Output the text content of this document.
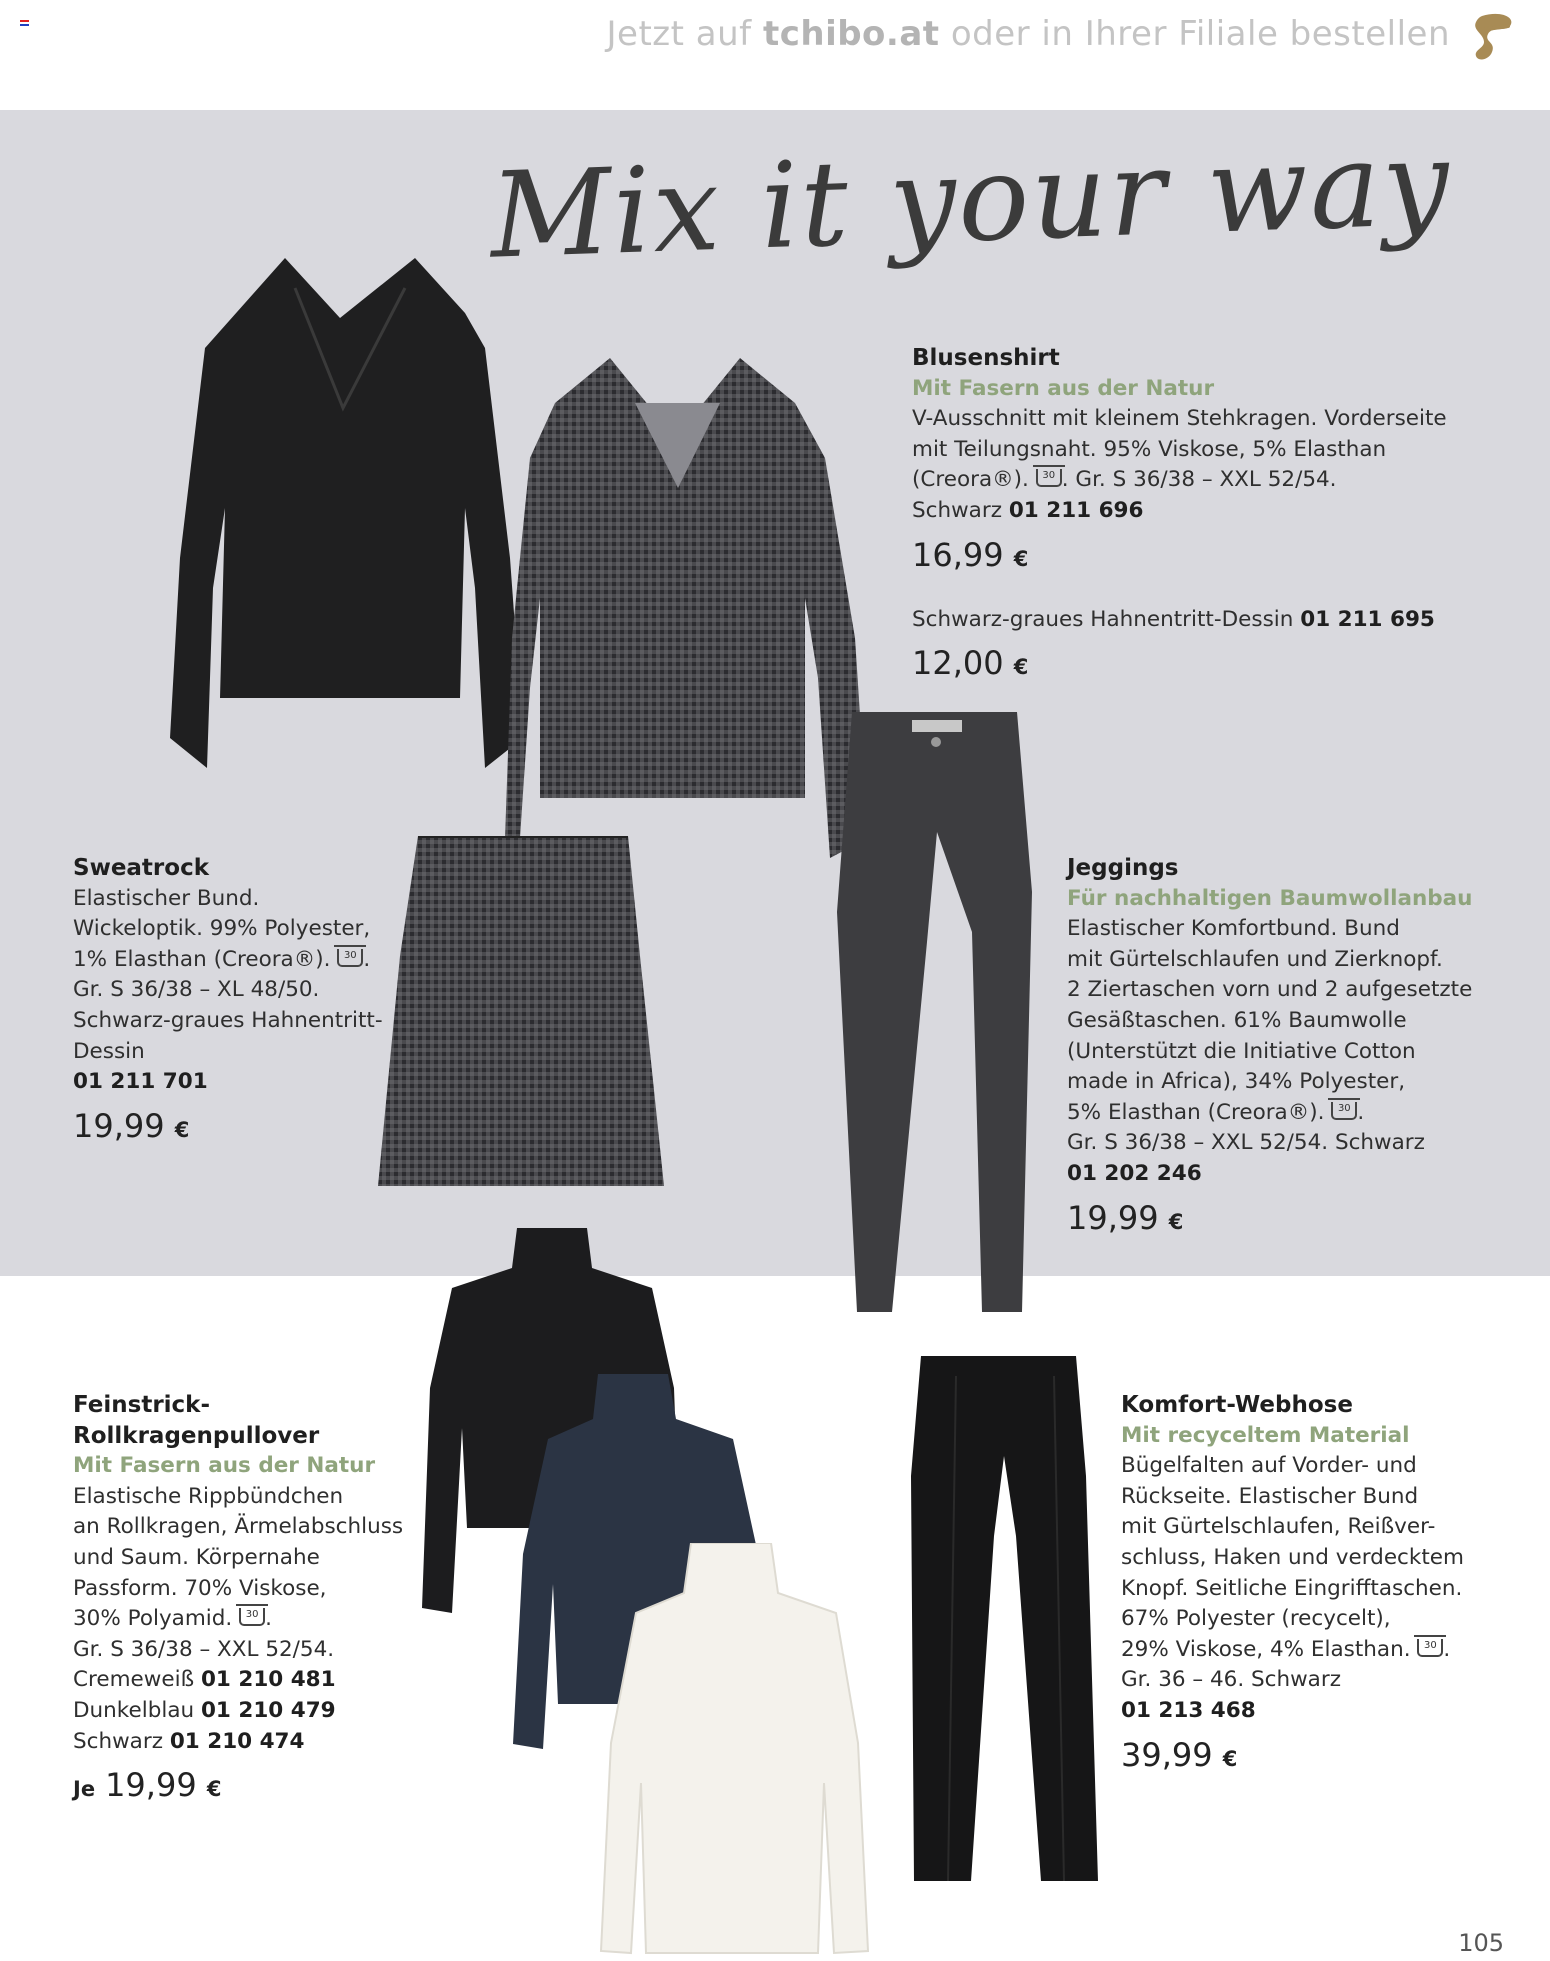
Jetzt auf tchibo.at oder in Ihrer Filiale bestellen
Mix it your way
Blusenshirt
Mit Fasern aus der Natur
V-Ausschnitt mit kleinem Stehkragen. Vorderseite
mit Teilungsnaht. 95% Viskose, 5% Elasthan
(Creora®). 30 . Gr. S 36/38 – XXL 52/54.
Schwarz 01 211 696
16,99 €
Schwarz-graues Hahnentritt-Dessin 01 211 695
12,00 €
Sweatrock
Elastischer Bund.
Wickeloptik. 99% Polyester,
1% Elasthan (Creora®). 30 .
Gr. S 36/38 – XL 48/50.
Schwarz-graues Hahnentritt-
Dessin
01 211 701
19,99 €
Jeggings
Für nachhaltigen Baumwollanbau
Elastischer Komfortbund. Bund
mit Gürtelschlaufen und Zierknopf.
2 Ziertaschen vorn und 2 aufgesetzte
Gesäßtaschen. 61% Baumwolle
(Unterstützt die Initiative Cotton
made in Africa), 34% Polyester,
5% Elasthan (Creora®). 30 .
Gr. S 36/38 – XXL 52/54. Schwarz
01 202 246
19,99 €
Feinstrick-
Rollkragenpullover
Mit Fasern aus der Natur
Elastische Rippbündchen
an Rollkragen, Ärmelabschluss
und Saum. Körpernahe
Passform. 70% Viskose,
30% Polyamid. 30 .
Gr. S 36/38 – XXL 52/54.
Cremeweiß 01 210 481
Dunkelblau 01 210 479
Schwarz 01 210 474
Je 19,99 €
Komfort-Webhose
Mit recyceltem Material
Bügelfalten auf Vorder- und
Rückseite. Elastischer Bund
mit Gürtelschlaufen, Reißver-
schluss, Haken und verdecktem
Knopf. Seitliche Eingrifftaschen.
67% Polyester (recycelt),
29% Viskose, 4% Elasthan. 30 .
Gr. 36 – 46. Schwarz
01 213 468
39,99 €
105
